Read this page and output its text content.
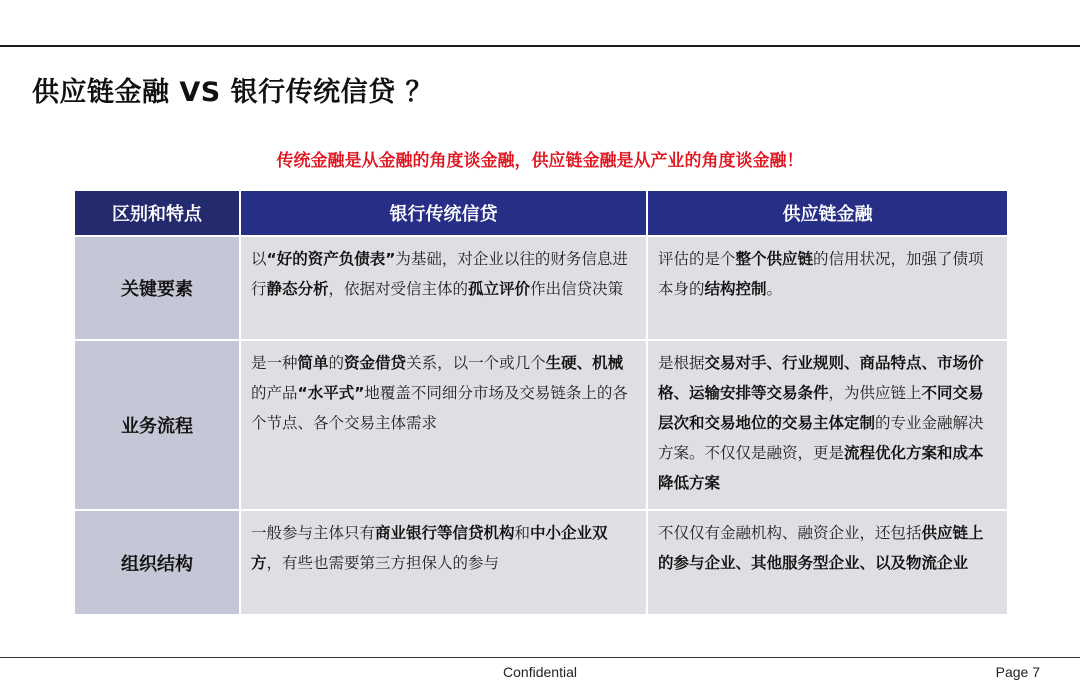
供应链金融 VS 银行传统信贷 ？
传统金融是从金融的角度谈金融，供应链金融是从产业的角度谈金融！
区别和特点	银行传统信贷	供应链金融
关键要素	以“好的资产负债表”为基础，对企业以往的财务信息进行静态分析，依据对受信主体的孤立评价作出信贷决策	评估的是个整个供应链的信用状况，加强了债项本身的结构控制。
业务流程	是一种简单的资金借贷关系，以一个或几个生硬、机械的产品“水平式”地覆盖不同细分市场及交易链条上的各个节点、各个交易主体需求	是根据交易对手、行业规则、商品特点、市场价格、运输安排等交易条件，为供应链上不同交易层次和交易地位的交易主体定制的专业金融解决方案。不仅仅是融资，更是流程优化方案和成本降低方案
组织结构	一般参与主体只有商业银行等信贷机构和中小企业双方，有些也需要第三方担保人的参与	不仅仅有金融机构、融资企业，还包括供应链上的参与企业、其他服务型企业、以及物流企业
Confidential	Page 7
